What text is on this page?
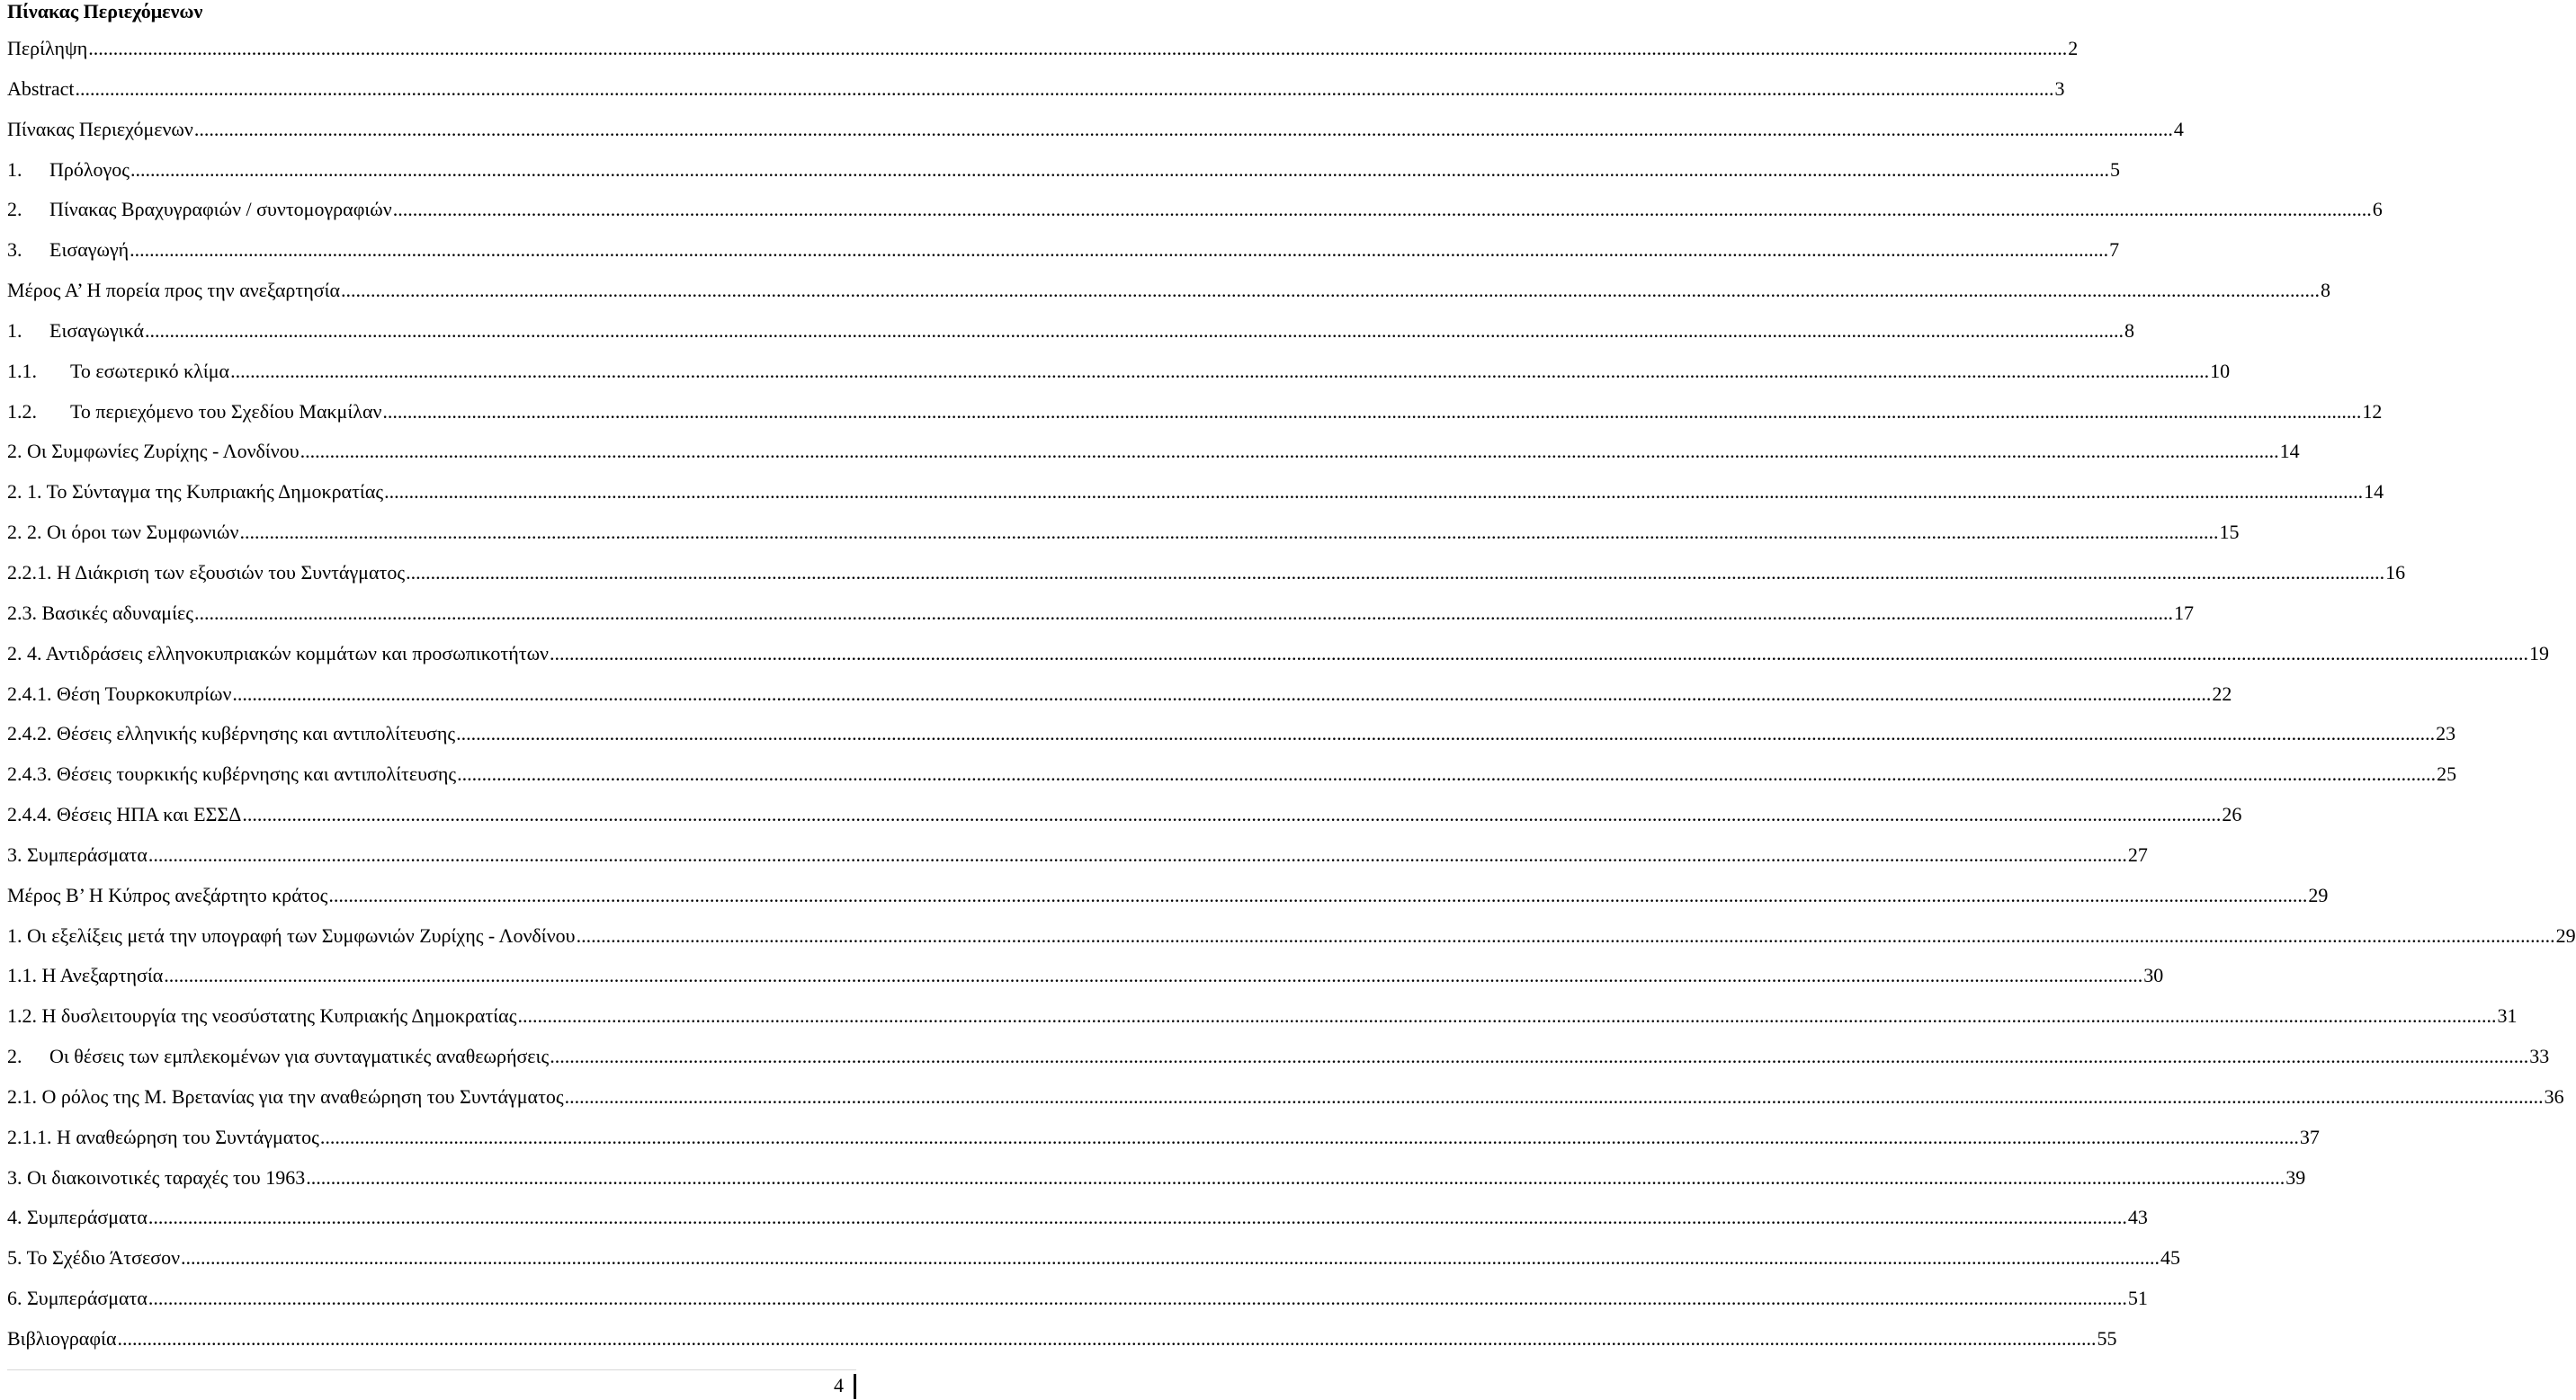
Πίνακας Περιεχόμενων
Περίληψη ................................................................................................................................................................................................................................................................................................................................................................................................................ 2
Abstract ................................................................................................................................................................................................................................................................................................................................................................................................................ 3
Πίνακας Περιεχόμενων ................................................................................................................................................................................................................................................................................................................................................................................................................ 4
1.	Πρόλογος ................................................................................................................................................................................................................................................................................................................................................................................................................ 5
2.	Πίνακας Βραχυγραφιών / συντομογραφιών ................................................................................................................................................................................................................................................................................................................................................................................................................ 6
3.	Εισαγωγή ................................................................................................................................................................................................................................................................................................................................................................................................................ 7
Μέρος Α’ Η πορεία προς την ανεξαρτησία ................................................................................................................................................................................................................................................................................................................................................................................................................ 8
1.	Εισαγωγικά ................................................................................................................................................................................................................................................................................................................................................................................................................ 8
1.1.	Το εσωτερικό κλίμα ................................................................................................................................................................................................................................................................................................................................................................................................................ 10
1.2.	Το περιεχόμενο του Σχεδίου Μακμίλαν ................................................................................................................................................................................................................................................................................................................................................................................................................ 12
2. Οι Συμφωνίες Ζυρίχης - Λονδίνου ................................................................................................................................................................................................................................................................................................................................................................................................................ 14
2. 1. Το Σύνταγμα της Κυπριακής Δημοκρατίας ................................................................................................................................................................................................................................................................................................................................................................................................................ 14
2. 2. Οι όροι των Συμφωνιών ................................................................................................................................................................................................................................................................................................................................................................................................................ 15
2.2.1. Η Διάκριση των εξουσιών του Συντάγματος ................................................................................................................................................................................................................................................................................................................................................................................................................ 16
2.3. Βασικές αδυναμίες ................................................................................................................................................................................................................................................................................................................................................................................................................ 17
2. 4. Αντιδράσεις ελληνοκυπριακών κομμάτων και προσωπικοτήτων ................................................................................................................................................................................................................................................................................................................................................................................................................ 19
2.4.1. Θέση Τουρκοκυπρίων ................................................................................................................................................................................................................................................................................................................................................................................................................ 22
2.4.2. Θέσεις ελληνικής κυβέρνησης και αντιπολίτευσης ................................................................................................................................................................................................................................................................................................................................................................................................................ 23
2.4.3. Θέσεις τουρκικής κυβέρνησης και αντιπολίτευσης ................................................................................................................................................................................................................................................................................................................................................................................................................ 25
2.4.4. Θέσεις ΗΠΑ και ΕΣΣΔ ................................................................................................................................................................................................................................................................................................................................................................................................................ 26
3. Συμπεράσματα ................................................................................................................................................................................................................................................................................................................................................................................................................ 27
Μέρος Β’ Η Κύπρος ανεξάρτητο κράτος ................................................................................................................................................................................................................................................................................................................................................................................................................ 29
1. Οι εξελίξεις μετά την υπογραφή των Συμφωνιών Ζυρίχης - Λονδίνου ................................................................................................................................................................................................................................................................................................................................................................................................................ 29
1.1. Η Ανεξαρτησία ................................................................................................................................................................................................................................................................................................................................................................................................................ 30
1.2. Η δυσλειτουργία της νεοσύστατης Κυπριακής Δημοκρατίας ................................................................................................................................................................................................................................................................................................................................................................................................................ 31
2.	Οι θέσεις των εμπλεκομένων για συνταγματικές αναθεωρήσεις ................................................................................................................................................................................................................................................................................................................................................................................................................ 33
2.1. Ο ρόλος της Μ. Βρετανίας για την αναθεώρηση του Συντάγματος ................................................................................................................................................................................................................................................................................................................................................................................................................ 36
2.1.1. Η αναθεώρηση του Συντάγματος ................................................................................................................................................................................................................................................................................................................................................................................................................ 37
3. Οι διακοινοτικές ταραχές του 1963 ................................................................................................................................................................................................................................................................................................................................................................................................................ 39
4. Συμπεράσματα ................................................................................................................................................................................................................................................................................................................................................................................................................ 43
5. Το Σχέδιο Άτσεσον ................................................................................................................................................................................................................................................................................................................................................................................................................ 45
6. Συμπεράσματα ................................................................................................................................................................................................................................................................................................................................................................................................................ 51
Βιβλιογραφία ................................................................................................................................................................................................................................................................................................................................................................................................................ 55
4
